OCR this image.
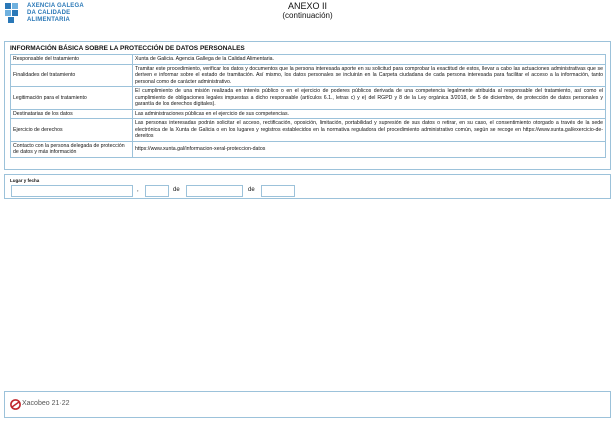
AXENCIA GALEGA
DA CALIDADE
ALIMENTARIA
ANEXO II
(continuación)
INFORMACIÓN BÁSICA SOBRE LA PROTECCIÓN DE DATOS PERSONALES
Responsable del tratamiento	Xunta de Galicia. Agencia Gallega de la Calidad Alimentaria.
Finalidades del tratamiento	Tramitar este procedimiento, verificar los datos y documentos que la persona interesada aporte en su solicitud para comprobar la exactitud de estos, llevar a cabo las actuaciones administrativas que se deriven e informar sobre el estado de tramitación. Así mismo, los datos personales se incluirán en la Carpeta ciudadana de cada persona interesada para facilitar el acceso a la información, tanto personal como de carácter administrativo.
Legitimación para el tratamiento	El cumplimiento de una misión realizada en interés público o en el ejercicio de poderes públicos derivada de una competencia legalmente atribuida al responsable del tratamiento, así como el cumplimiento de obligaciones legales impuestas a dicho responsable (artículos 6.1., letras c) y e) del RGPD y 8 de la Ley orgánica 3/2018, de 5 de diciembre, de protección de datos personales y garantía de los derechos digitales).
Destinatarias de los datos	Las administraciones públicas en el ejercicio de sus competencias.
Ejercicio de derechos	Las personas interesadas podrán solicitar el acceso, rectificación, oposición, limitación, portabilidad y supresión de sus datos o retirar, en su caso, el consentimiento otorgado a través de la sede electrónica de la Xunta de Galicia o en los lugares y registros establecidos en la normativa reguladora del procedimiento administrativo común, según se recoge en https://www.xunta.gal/exercicio-de-dereitos
Contacto con la persona delegada de protección de datos y más información	https://www.xunta.gal/informacion-xeral-proteccion-datos
Lugar y fecha
,	de	de
Xacobeo 21·22
